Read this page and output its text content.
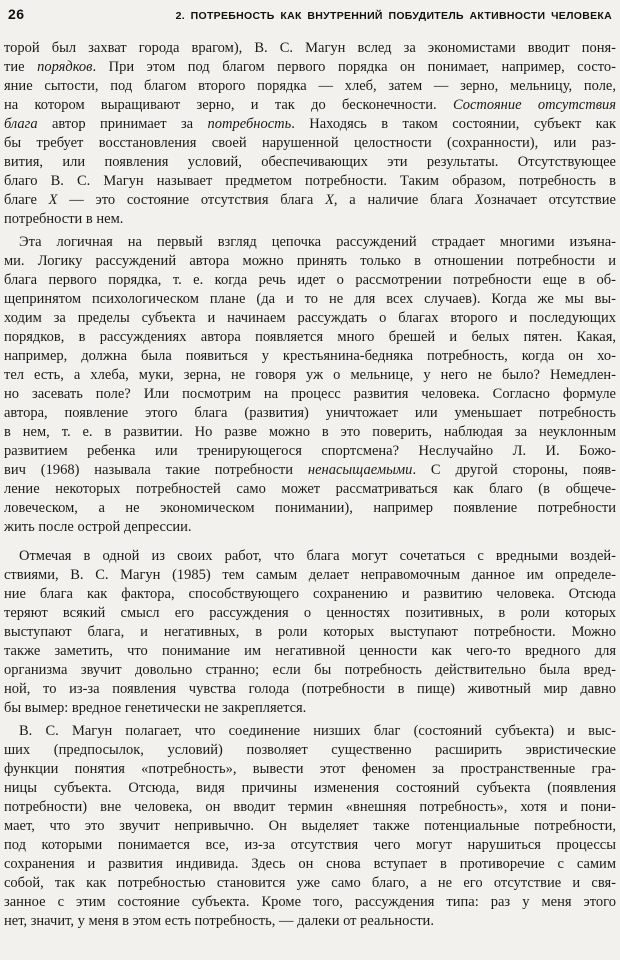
26	2. ПОТРЕБНОСТЬ КАК ВНУТРЕННИЙ ПОБУДИТЕЛЬ АКТИВНОСТИ ЧЕЛОВЕКА
торой был захват города врагом), В. С. Магун вслед за экономистами вводит поня-
тие порядков. При этом под благом первого порядка он понимает, например, состо-
яние сытости, под благом второго порядка — хлеб, затем — зерно, мельницу, поле,
на котором выращивают зерно, и так до бесконечности. Состояние отсутствия
блага автор принимает за потребность. Находясь в таком состоянии, субъект как
бы требует восстановления своей нарушенной целостности (сохранности), или раз-
вития, или появления условий, обеспечивающих эти результаты. Отсутствующее
благо В. С. Магун называет предметом потребности. Таким образом, потребность в
благе X — это состояние отсутствия блага X, а наличие блага Xозначает отсутствие
потребности в нем.
Эта логичная на первый взгляд цепочка рассуждений страдает многими изъяна-
ми. Логику рассуждений автора можно принять только в отношении потребности и
блага первого порядка, т. е. когда речь идет о рассмотрении потребности еще в об-
щепринятом психологическом плане (да и то не для всех случаев). Когда же мы вы-
ходим за пределы субъекта и начинаем рассуждать о благах второго и последующих
порядков, в рассуждениях автора появляется много брешей и белых пятен. Какая,
например, должна была появиться у крестьянина-бедняка потребность, когда он хо-
тел есть, а хлеба, муки, зерна, не говоря уж о мельнице, у него не было? Немедлен-
но засевать поле? Или посмотрим на процесс развития человека. Согласно формуле
автора, появление этого блага (развития) уничтожает или уменьшает потребность
в нем, т. е. в развитии. Но разве можно в это поверить, наблюдая за неуклонным
развитием ребенка или тренирующегося спортсмена? Неслучайно Л. И. Божо-
вич (1968) называла такие потребности ненасыщаемыми. С другой стороны, появ-
ление некоторых потребностей само может рассматриваться как благо (в общече-
ловеческом, а не экономическом понимании), например появление потребности
жить после острой депрессии.
Отмечая в одной из своих работ, что блага могут сочетаться с вредными воздей-
ствиями, В. С. Магун (1985) тем самым делает неправомочным данное им определе-
ние блага как фактора, способствующего сохранению и развитию человека. Отсюда
теряют всякий смысл его рассуждения о ценностях позитивных, в роли которых
выступают блага, и негативных, в роли которых выступают потребности. Можно
также заметить, что понимание им негативной ценности как чего-то вредного для
организма звучит довольно странно; если бы потребность действительно была вред-
ной, то из-за появления чувства голода (потребности в пище) животный мир давно
бы вымер: вредное генетически не закрепляется.
В. С. Магун полагает, что соединение низших благ (состояний субъекта) и выс-
ших (предпосылок, условий) позволяет существенно расширить эвристические
функции понятия «потребность», вывести этот феномен за пространственные гра-
ницы субъекта. Отсюда, видя причины изменения состояний субъекта (появления
потребности) вне человека, он вводит термин «внешняя потребность», хотя и пони-
мает, что это звучит непривычно. Он выделяет также потенциальные потребности,
под которыми понимается все, из-за отсутствия чего могут нарушиться процессы
сохранения и развития индивида. Здесь он снова вступает в противоречие с самим
собой, так как потребностью становится уже само благо, а не его отсутствие и свя-
занное с этим состояние субъекта. Кроме того, рассуждения типа: раз у меня этого
нет, значит, у меня в этом есть потребность, — далеки от реальности.
